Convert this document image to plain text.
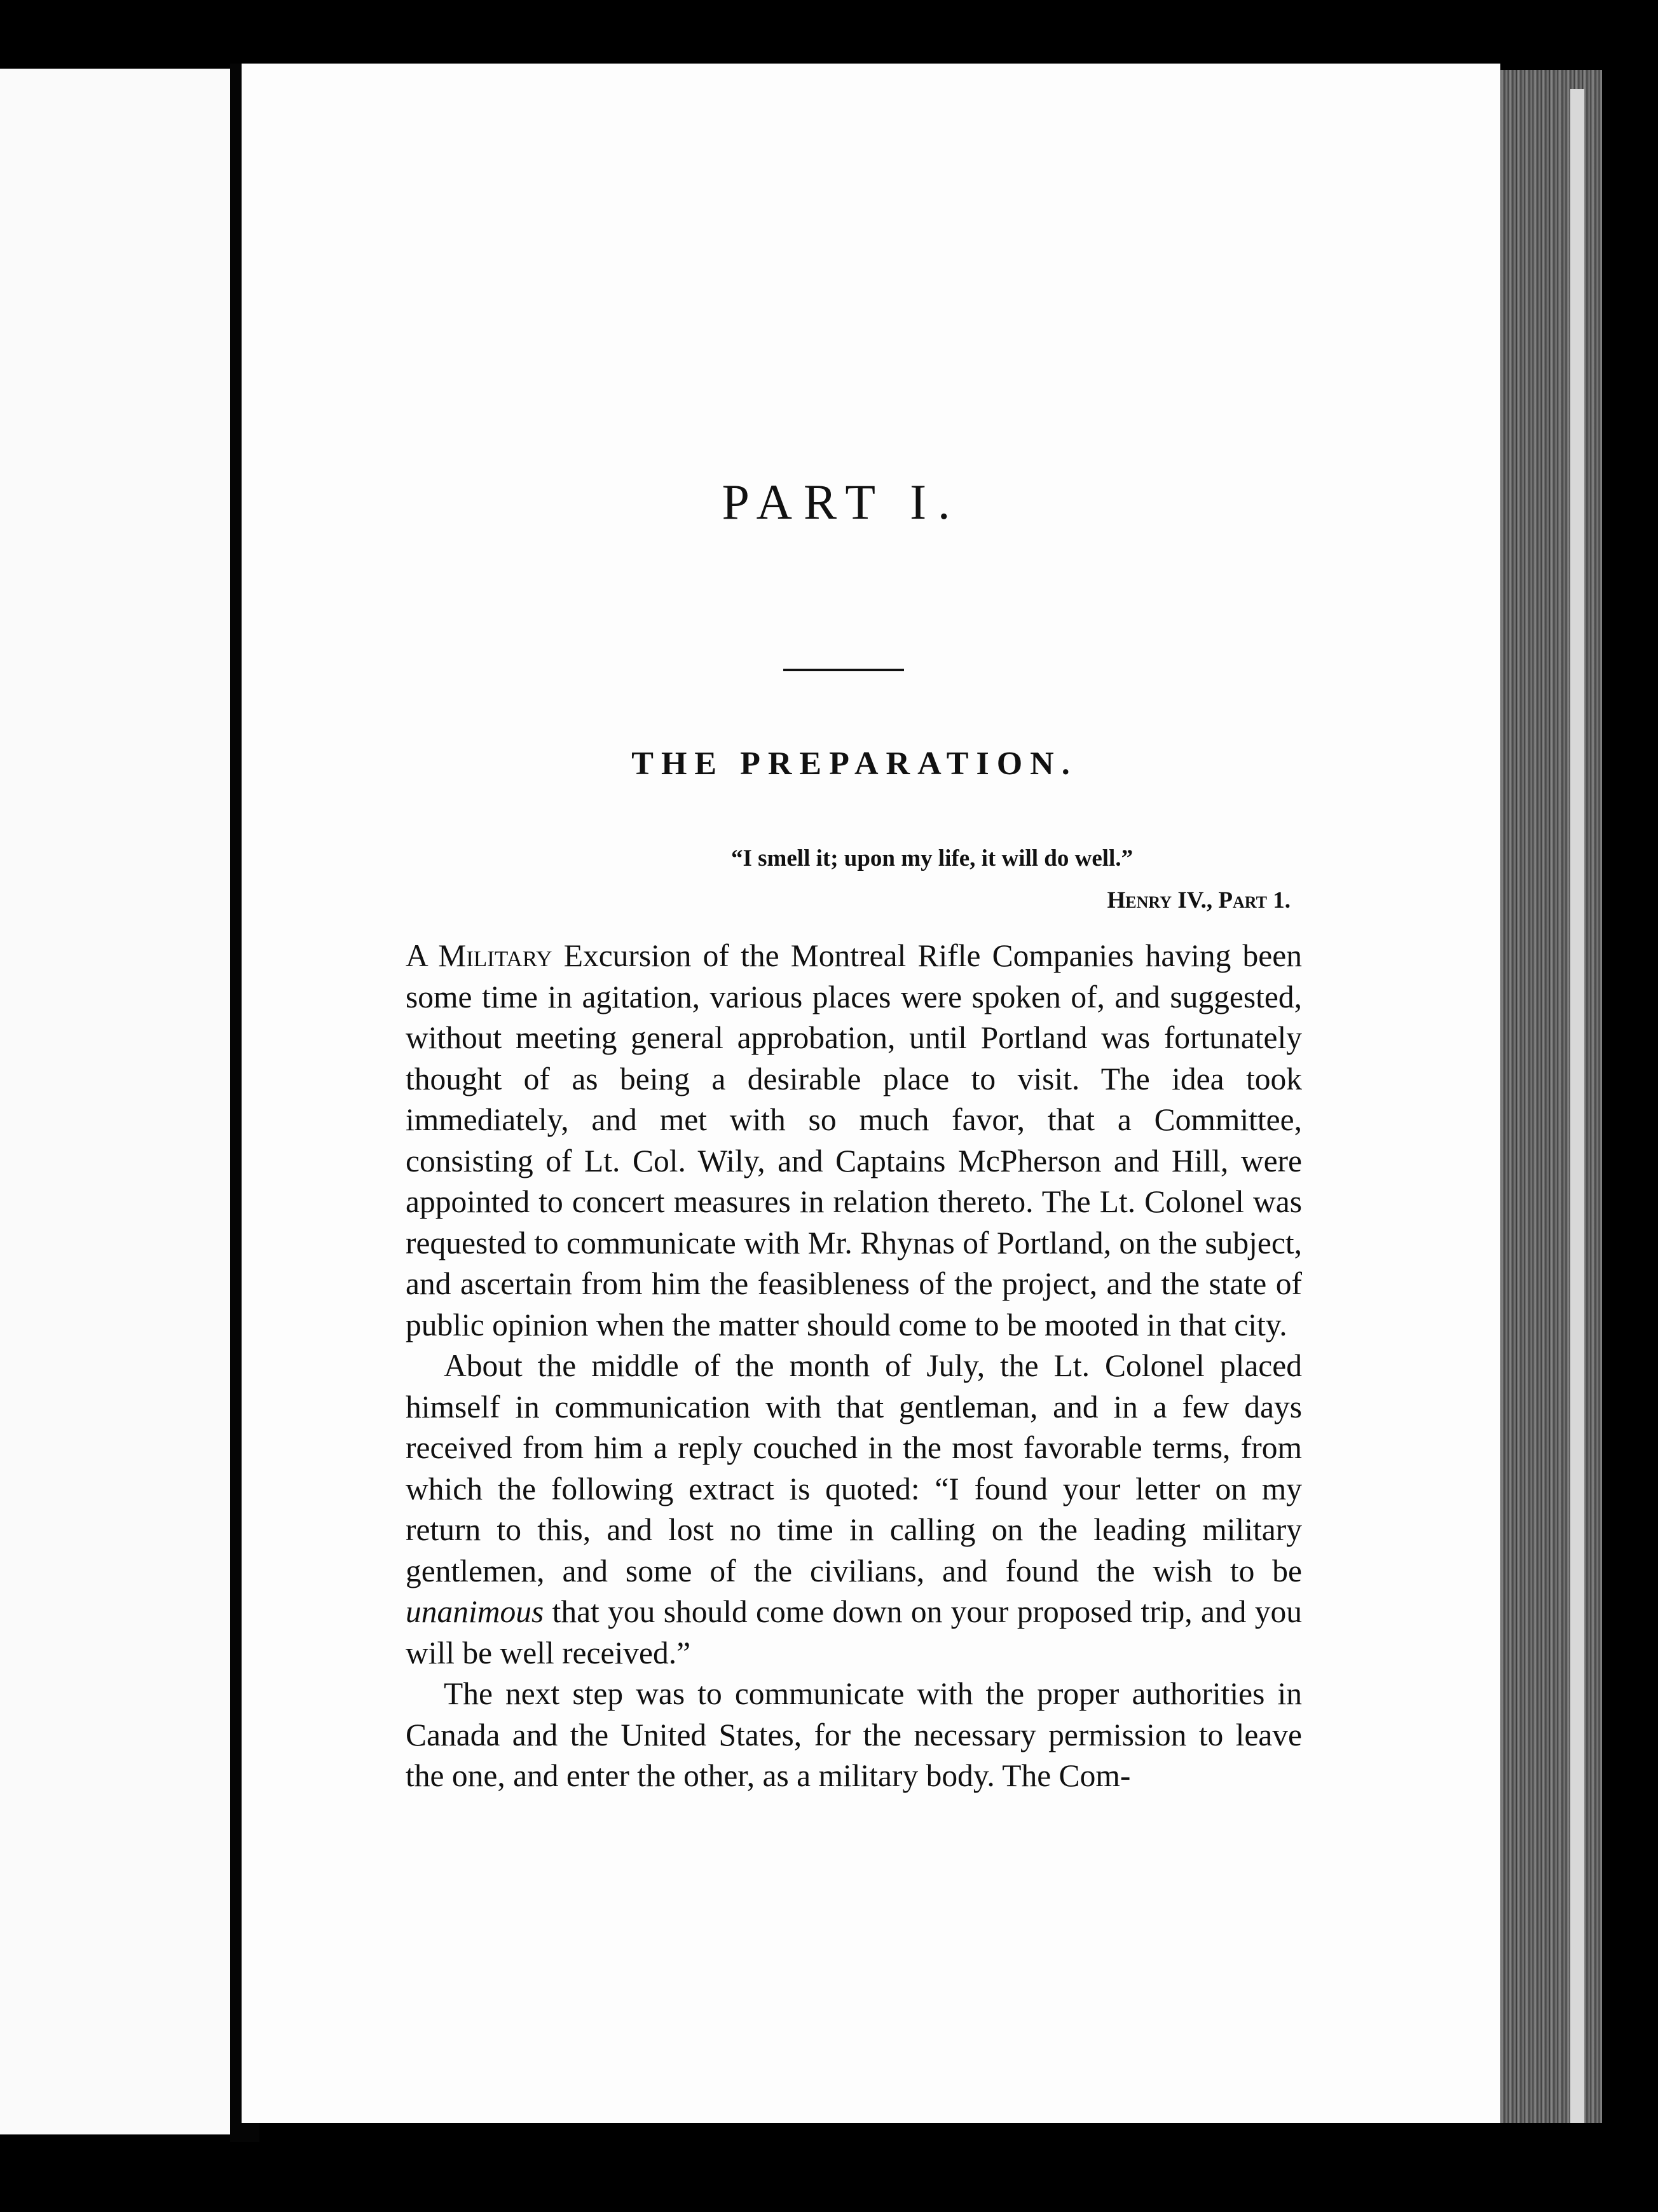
PART I.
THE PREPARATION.
“I smell it; upon my life, it will do well.”
Henry IV., Part 1.

A Military Excursion of the Montreal Rifle Companies having been some time in agitation, various places were spoken of, and suggested, without meeting general approbation, until Portland was fortunately thought of as being a desirable place to visit. The idea took immediately, and met with so much favor, that a Committee, consisting of Lt. Col. Wily, and Captains McPherson and Hill, were appointed to concert measures in relation thereto. The Lt. Colonel was requested to communicate with Mr. Rhynas of Portland, on the subject, and ascertain from him the feasibleness of the project, and the state of public opinion when the matter should come to be mooted in that city.

About the middle of the month of July, the Lt. Colonel placed himself in communication with that gentleman, and in a few days received from him a reply couched in the most favorable terms, from which the following extract is quoted: “I found your letter on my return to this, and lost no time in calling on the leading military gentlemen, and some of the civilians, and found the wish to be unanimous that you should come down on your proposed trip, and you will be well received.”

The next step was to communicate with the proper authorities in Canada and the United States, for the necessary permission to leave the one, and enter the other, as a military body. The Com-
